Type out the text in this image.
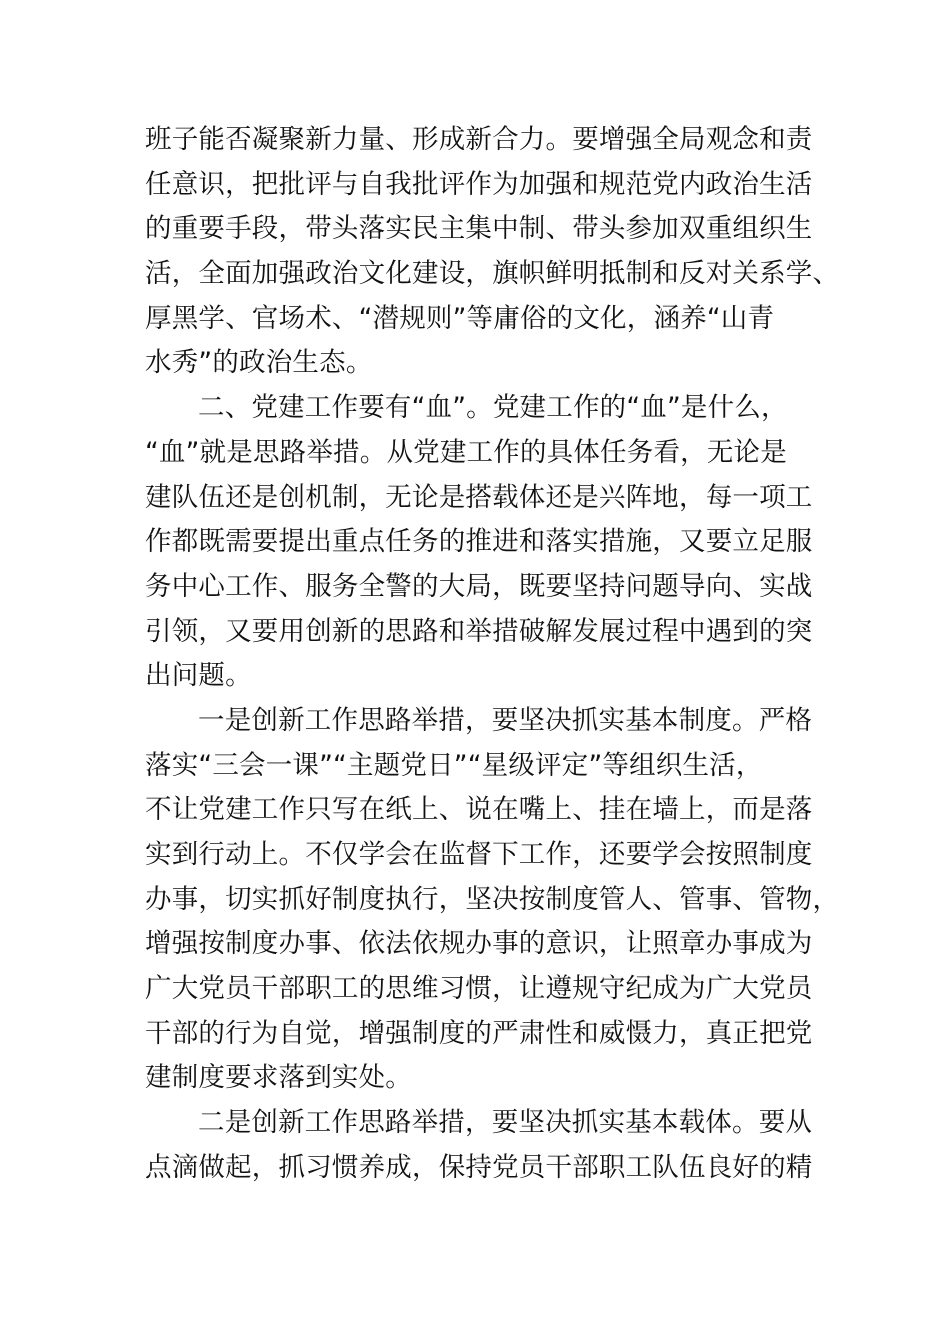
班子能否凝聚新力量、形成新合力。要增强全局观念和责
任意识，把批评与自我批评作为加强和规范党内政治生活
的重要手段，带头落实民主集中制、带头参加双重组织生
活，全面加强政治文化建设，旗帜鲜明抵制和反对关系学、
厚黑学、官场术、“潜规则”等庸俗的文化，涵养“山青
水秀”的政治生态。
二、党建工作要有“血”。党建工作的“血”是什么，
“血”就是思路举措。从党建工作的具体任务看，无论是
建队伍还是创机制，无论是搭载体还是兴阵地，每一项工
作都既需要提出重点任务的推进和落实措施，又要立足服
务中心工作、服务全警的大局，既要坚持问题导向、实战
引领，又要用创新的思路和举措破解发展过程中遇到的突
出问题。
一是创新工作思路举措，要坚决抓实基本制度。严格
落实“三会一课”“主题党日”“星级评定”等组织生活，
不让党建工作只写在纸上、说在嘴上、挂在墙上，而是落
实到行动上。不仅学会在监督下工作，还要学会按照制度
办事，切实抓好制度执行，坚决按制度管人、管事、管物，
增强按制度办事、依法依规办事的意识，让照章办事成为
广大党员干部职工的思维习惯，让遵规守纪成为广大党员
干部的行为自觉，增强制度的严肃性和威慑力，真正把党
建制度要求落到实处。
二是创新工作思路举措，要坚决抓实基本载体。要从
点滴做起，抓习惯养成，保持党员干部职工队伍良好的精
